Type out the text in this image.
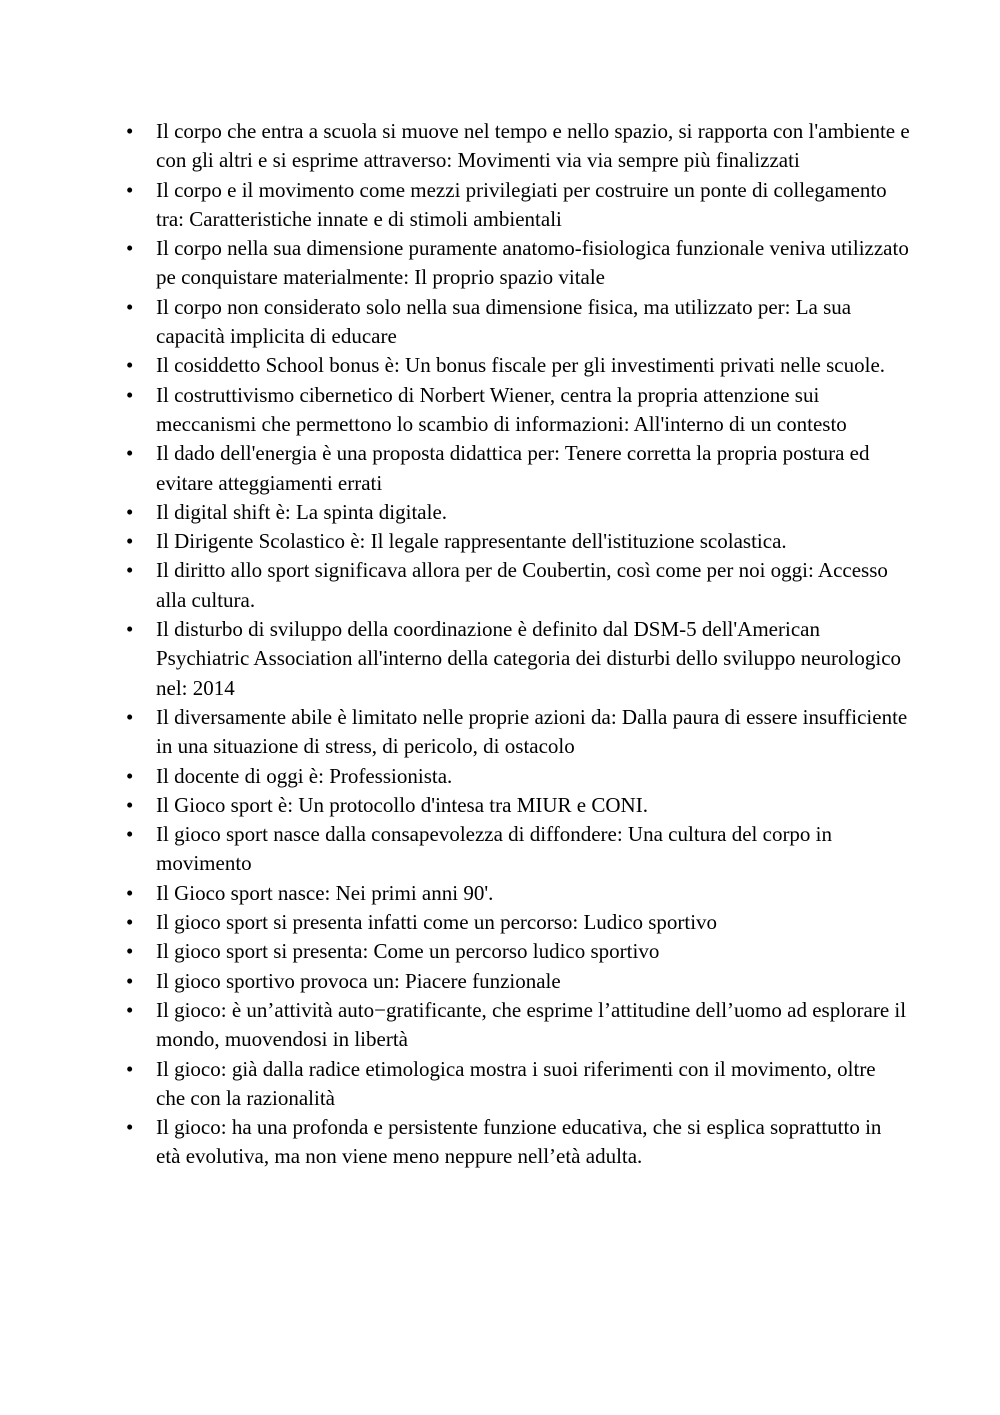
•	Il corpo che entra a scuola si muove nel tempo e nello spazio, si rapporta con l'ambiente e con gli altri e si esprime attraverso: Movimenti via via sempre più finalizzati
•	Il corpo e il movimento come mezzi privilegiati per costruire un ponte di collegamento tra: Caratteristiche innate e di stimoli ambientali
•	Il corpo nella sua dimensione puramente anatomo-fisiologica funzionale veniva utilizzato pe conquistare materialmente: Il proprio spazio vitale
•	Il corpo non considerato solo nella sua dimensione fisica, ma utilizzato per: La sua capacità implicita di educare
•	Il cosiddetto School bonus è: Un bonus fiscale per gli investimenti privati nelle scuole.
•	Il costruttivismo cibernetico di Norbert Wiener, centra la propria attenzione sui meccanismi che permettono lo scambio di informazioni: All'interno di un contesto
•	Il dado dell'energia è una proposta didattica per: Tenere corretta la propria postura ed evitare atteggiamenti errati
•	Il digital shift è: La spinta digitale.
•	Il Dirigente Scolastico è: Il legale rappresentante dell'istituzione scolastica.
•	Il diritto allo sport significava allora per de Coubertin, così come per noi oggi: Accesso alla cultura.
•	Il disturbo di sviluppo della coordinazione è definito dal DSM-5 dell'American Psychiatric Association all'interno della categoria dei disturbi dello sviluppo neurologico nel: 2014
•	Il diversamente abile è limitato nelle proprie azioni da: Dalla paura di essere insufficiente in una situazione di stress, di pericolo, di ostacolo
•	Il docente di oggi è: Professionista.
•	Il Gioco sport è: Un protocollo d'intesa tra MIUR e CONI.
•	Il gioco sport nasce dalla consapevolezza di diffondere: Una cultura del corpo in movimento
•	Il Gioco sport nasce: Nei primi anni 90'.
•	Il gioco sport si presenta infatti come un percorso: Ludico sportivo
•	Il gioco sport si presenta: Come un percorso ludico sportivo
•	Il gioco sportivo provoca un: Piacere funzionale
•	Il gioco: è un’attività auto−gratificante, che esprime l’attitudine dell’uomo ad esplorare il mondo, muovendosi in libertà
•	Il gioco: già dalla radice etimologica mostra i suoi riferimenti con il movimento, oltre che con la razionalità
•	Il gioco: ha una profonda e persistente funzione educativa, che si esplica soprattutto in età evolutiva, ma non viene meno neppure nell’età adulta.
